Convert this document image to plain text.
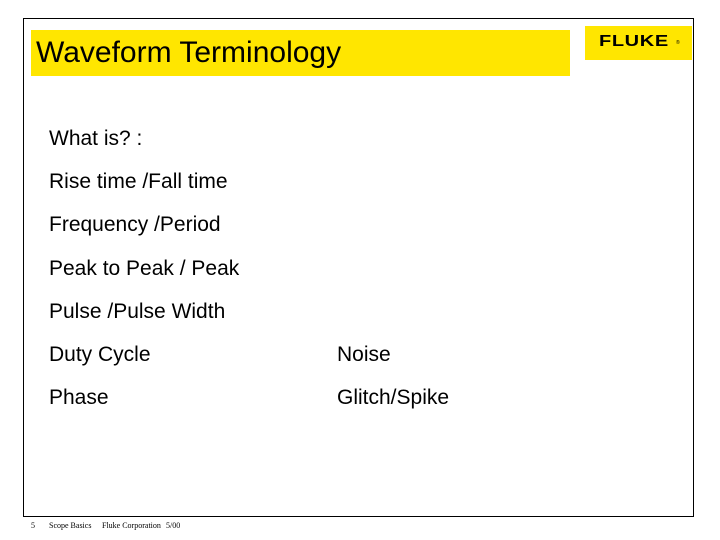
Waveform Terminology	FLUKE ®
What is? :
Rise time /Fall time
Frequency /Period
Peak to Peak / Peak
Pulse /Pulse Width
Duty Cycle
Phase
Noise
Glitch/Spike
5 Scope Basics Fluke Corporation 5/00
